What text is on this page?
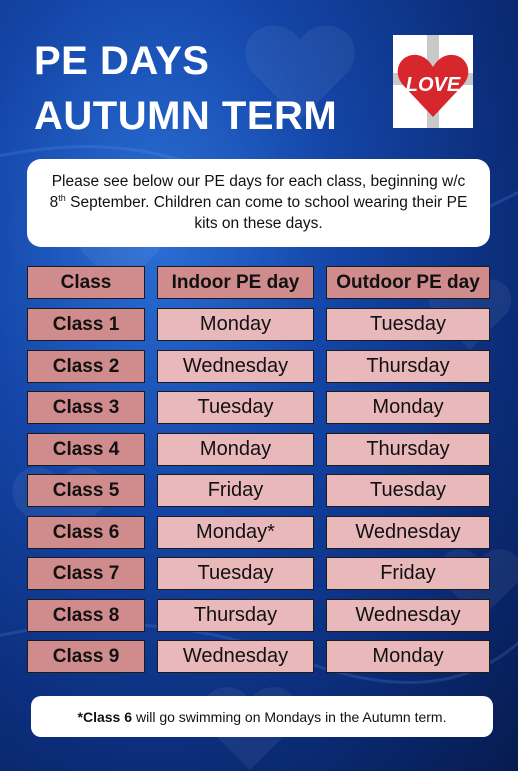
PE DAYS
AUTUMN TERM
LOVE
Please see below our PE days for each class, beginning w/c 8th September. Children can come to school wearing their PE kits on these days.
Class	Indoor PE day	Outdoor PE day
Class 1	Monday	Tuesday
Class 2	Wednesday	Thursday
Class 3	Tuesday	Monday
Class 4	Monday	Thursday
Class 5	Friday	Tuesday
Class 6	Monday*	Wednesday
Class 7	Tuesday	Friday
Class 8	Thursday	Wednesday
Class 9	Wednesday	Monday
*Class 6 will go swimming on Mondays in the Autumn term.
